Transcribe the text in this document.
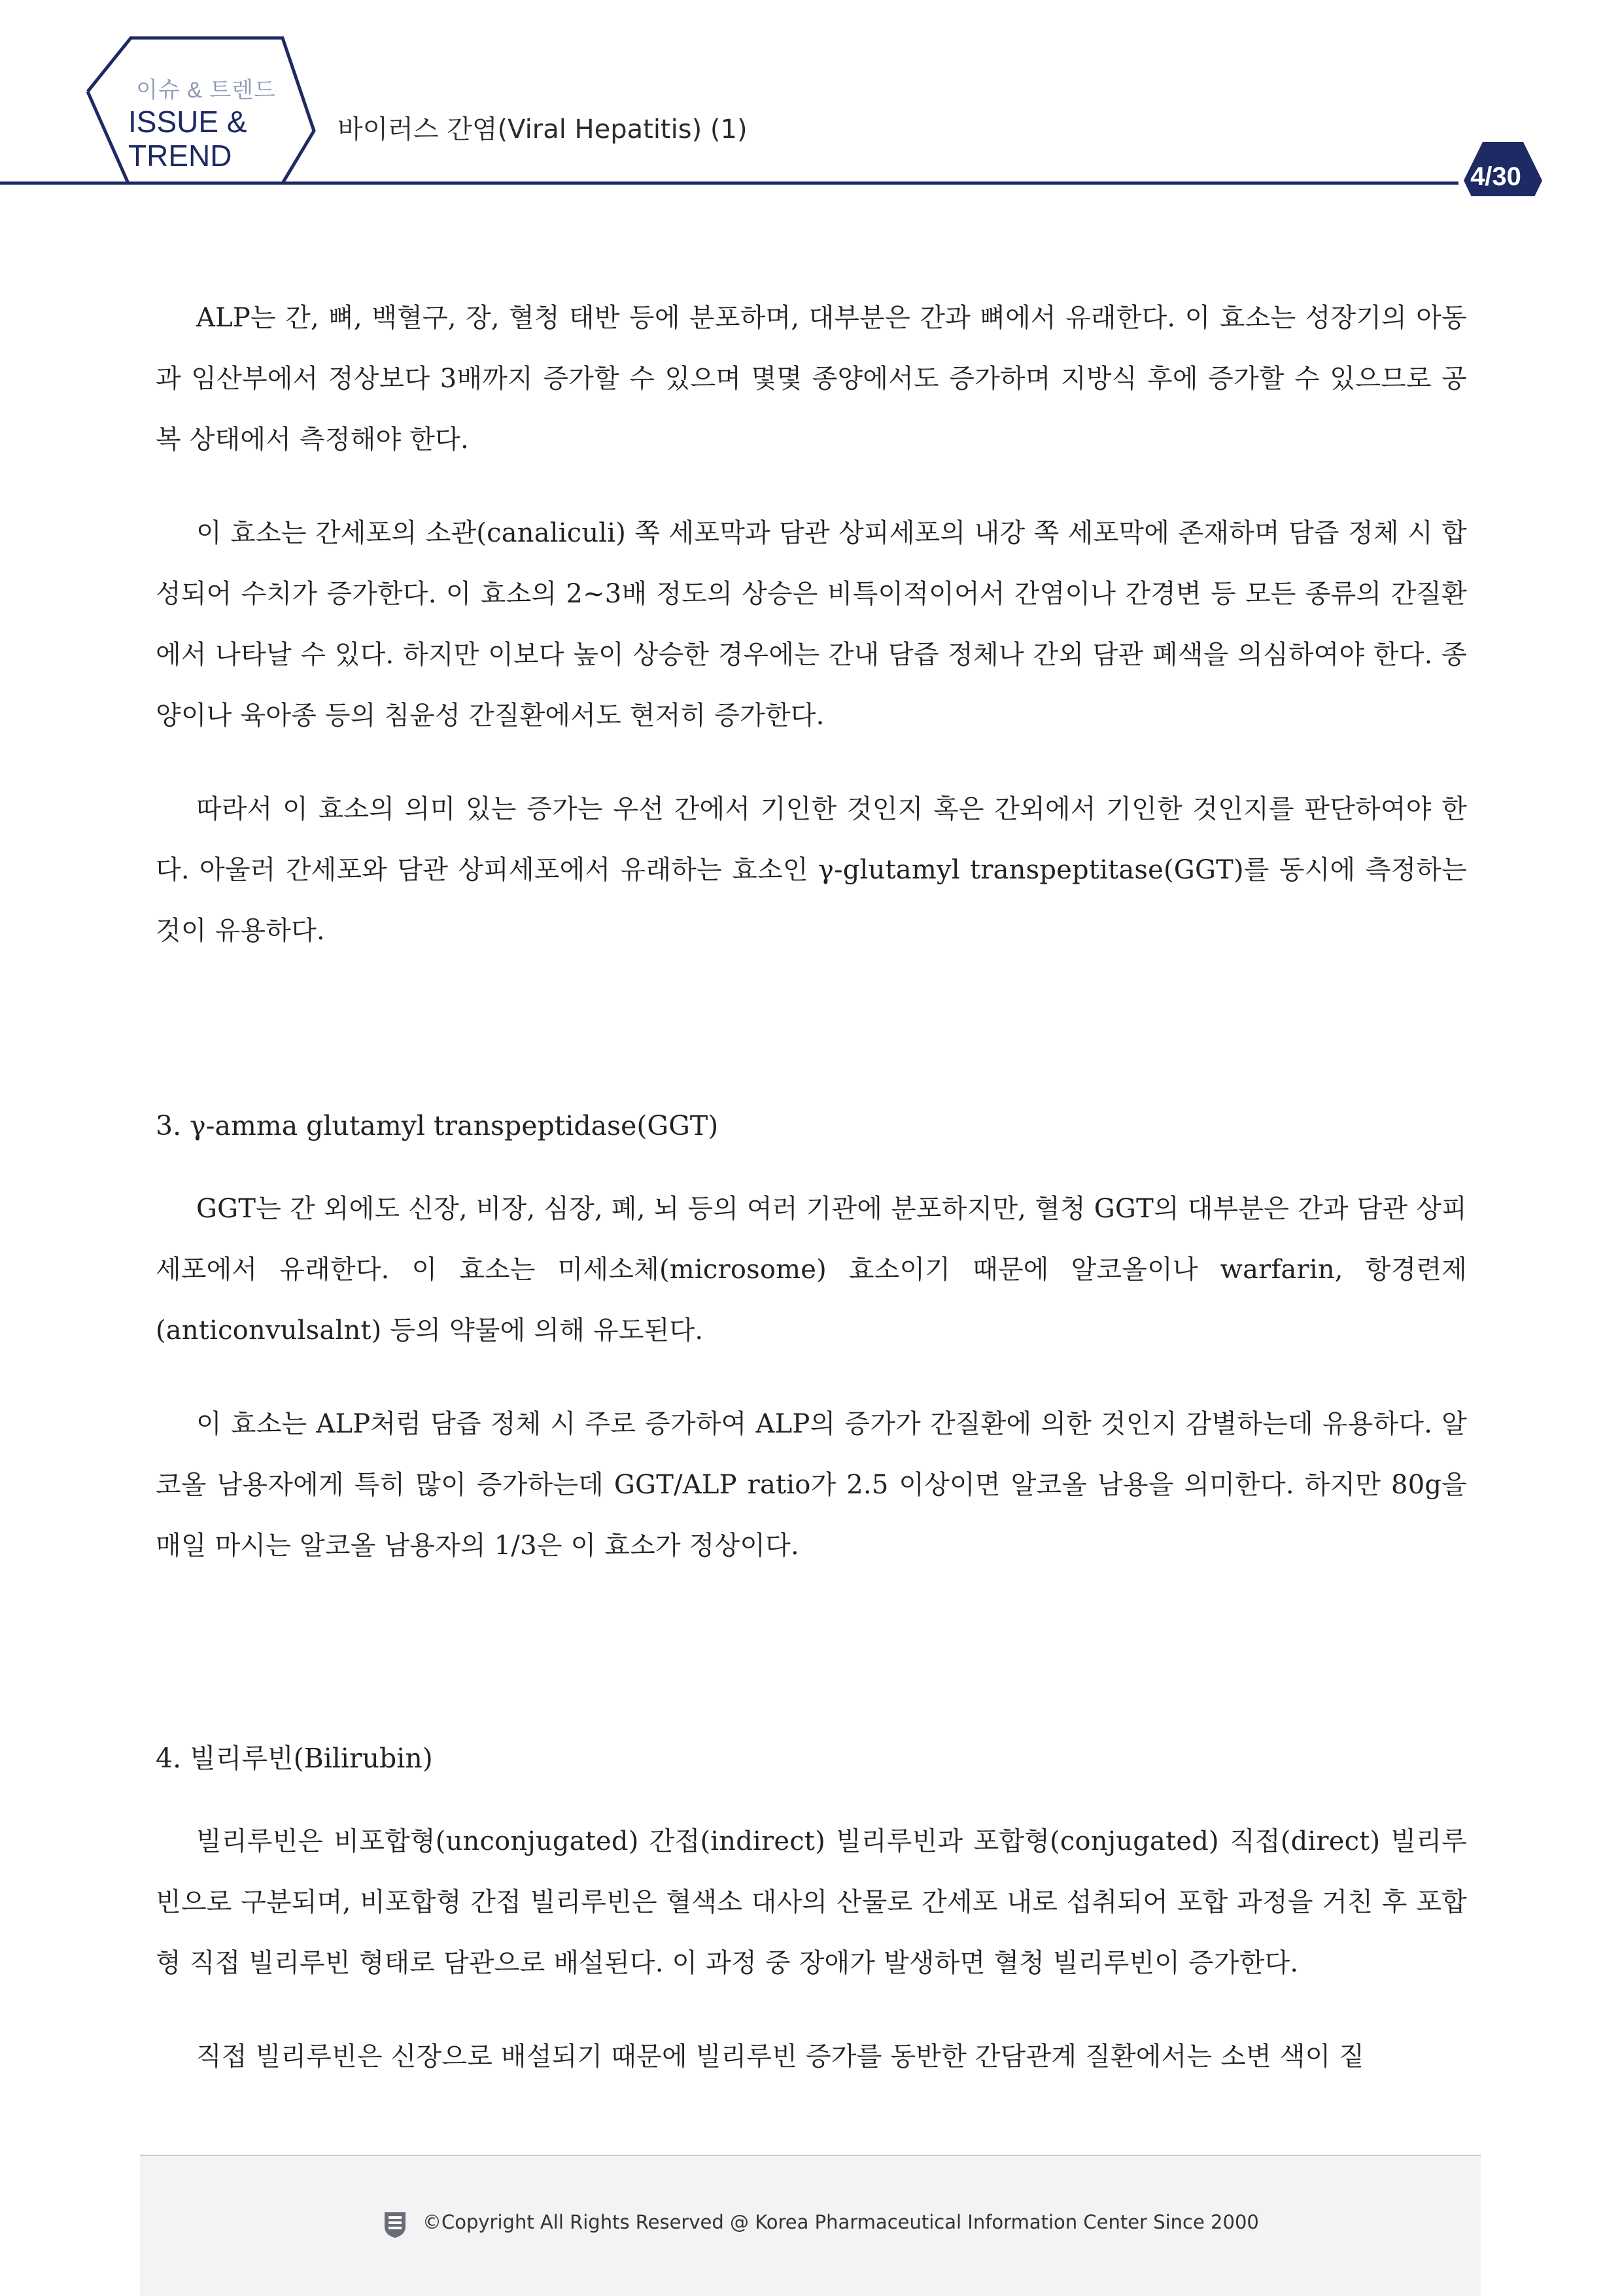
이슈 & 트렌드
ISSUE &
TREND
바이러스 간염(Viral Hepatitis) (1)
4/30

ALP는 간, 뼈, 백혈구, 장, 혈청 태반 등에 분포하며, 대부분은 간과 뼈에서 유래한다. 이 효소는 성장기의 아동과 임산부에서 정상보다 3배까지 증가할 수 있으며 몇몇 종양에서도 증가하며 지방식 후에 증가할 수 있으므로 공복 상태에서 측정해야 한다.

이 효소는 간세포의 소관(canaliculi) 쪽 세포막과 담관 상피세포의 내강 쪽 세포막에 존재하며 담즙 정체 시 합성되어 수치가 증가한다. 이 효소의 2~3배 정도의 상승은 비특이적이어서 간염이나 간경변 등 모든 종류의 간질환에서 나타날 수 있다. 하지만 이보다 높이 상승한 경우에는 간내 담즙 정체나 간외 담관 폐색을 의심하여야 한다. 종양이나 육아종 등의 침윤성 간질환에서도 현저히 증가한다.

따라서 이 효소의 의미 있는 증가는 우선 간에서 기인한 것인지 혹은 간외에서 기인한 것인지를 판단하여야 한다. 아울러 간세포와 담관 상피세포에서 유래하는 효소인 γ-glutamyl transpeptitase(GGT)를 동시에 측정하는 것이 유용하다.

3. γ-amma glutamyl transpeptidase(GGT)

GGT는 간 외에도 신장, 비장, 심장, 폐, 뇌 등의 여러 기관에 분포하지만, 혈청 GGT의 대부분은 간과 담관 상피세포에서 유래한다. 이 효소는 미세소체(microsome) 효소이기 때문에 알코올이나 warfarin, 항경련제(anticonvulsalnt) 등의 약물에 의해 유도된다.

이 효소는 ALP처럼 담즙 정체 시 주로 증가하여 ALP의 증가가 간질환에 의한 것인지 감별하는데 유용하다. 알코올 남용자에게 특히 많이 증가하는데 GGT/ALP ratio가 2.5 이상이면 알코올 남용을 의미한다. 하지만 80g을 매일 마시는 알코올 남용자의 1/3은 이 효소가 정상이다.

4. 빌리루빈(Bilirubin)

빌리루빈은 비포합형(unconjugated) 간접(indirect) 빌리루빈과 포합형(conjugated) 직접(direct) 빌리루빈으로 구분되며, 비포합형 간접 빌리루빈은 혈색소 대사의 산물로 간세포 내로 섭취되어 포합 과정을 거친 후 포합형 직접 빌리루빈 형태로 담관으로 배설된다. 이 과정 중 장애가 발생하면 혈청 빌리루빈이 증가한다.

직접 빌리루빈은 신장으로 배설되기 때문에 빌리루빈 증가를 동반한 간담관계 질환에서는 소변 색이 짙

©Copyright All Rights Reserved @ Korea Pharmaceutical Information Center Since 2000
